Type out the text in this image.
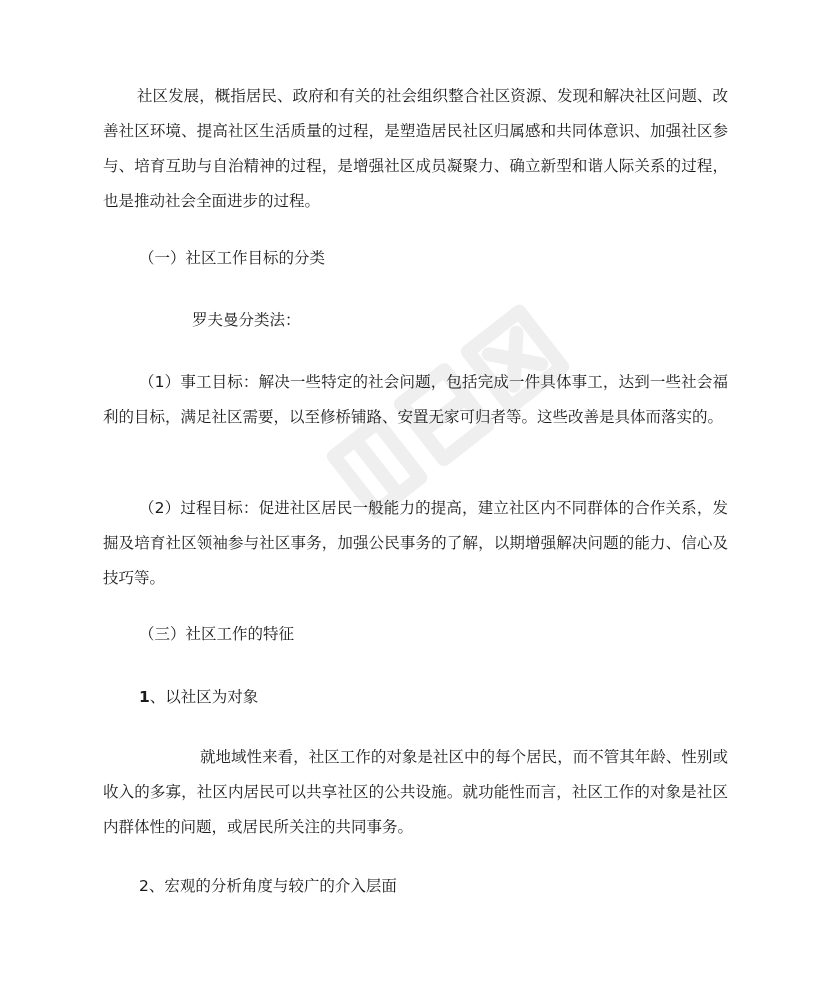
社区发展，概指居民、政府和有关的社会组织整合社区资源、发现和解决社区问题、改善社区环境、提高社区生活质量的过程，是塑造居民社区归属感和共同体意识、加强社区参与、培育互助与自治精神的过程，是增强社区成员凝聚力、确立新型和谐人际关系的过程，也是推动社会全面进步的过程。

（一）社区工作目标的分类

罗夫曼分类法：

（1）事工目标：解决一些特定的社会问题，包括完成一件具体事工，达到一些社会福利的目标，满足社区需要，以至修桥铺路、安置无家可归者等。这些改善是具体而落实的。

（2）过程目标：促进社区居民一般能力的提高，建立社区内不同群体的合作关系，发掘及培育社区领袖参与社区事务，加强公民事务的了解，以期增强解决问题的能力、信心及技巧等。

（三）社区工作的特征

1、以社区为对象

就地域性来看，社区工作的对象是社区中的每个居民，而不管其年龄、性别或收入的多寡，社区内居民可以共享社区的公共设施。就功能性而言，社区工作的对象是社区内群体性的问题，或居民所关注的共同事务。

2、宏观的分析角度与较广的介入层面
